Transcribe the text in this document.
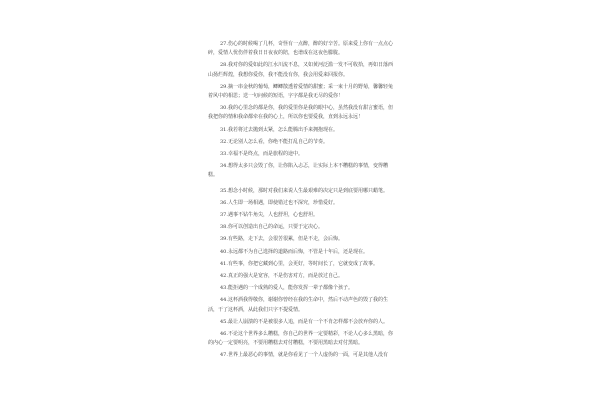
27.伤心的时候喝了几杯，奇怪有一点醉，醉的好辛苦。原来爱上你有一点点心碎，爱情人忧伤伴着我日日夜夜的陪，也谱成在这夜色朦胧。

28.我对你的爱如此的江水川流不息，又如黄河泛滥一发不可收拾，再如日落西山扬烂辉煌，我想你爱你，我不能没有你，我会用爱来回报你。

29.摘一串金秋的葡萄，鲫鲫散透着爱情的甜蜜；采一束十月的野菊，馨馨轻兔着风中的相思；送一句问候的短语，字字都是我无尽的爱你！

30.我的心里念的都是你，我的爱里你是我的眼中心，虽然我没有甜言蜜语，但我把你的情和我命都牵在我的心上，所以你也要爱我，直到永远永远！

31.我若将过去抛到太紧，怎么能腾出手来拥抱现在。

32.无论别人怎么看，你绝不能打乱自己的节奏。

33.幸福不是终点，而是旅程的途中。

34.想得太多只会毁了你，让你陷入忐忑，让实际上本不糟糕的事情，变得糟糕。

35.想念小时候，那时对我们来说人生最艰难的决定只是到底要用哪只蜡笔。

36.人生即一场相遇，即使错过也不深究，珍惜爱好。

37.遇事不钻牛角尖，人也舒坦，心也舒坦。

38.你可以创造出自己的命运，只要于定决心。

39.有些路，走下去，会很苦很累，但是不走，会后悔。

40.永远都不为自己选择的道路而后悔，不管是十年后，还是现在。

41.有些事，你把它藏到心里，会更好，等时间长了，它就变成了故事。

42.真正的强大是宽容，不是伤害对方，而是放过自己。

43.能拒遇的一个成熟的爱人，能你发挥一辈子都像个孩子。

44.这杯酒我得敬你，谢谢你曾经在我的生命中，然后不动声色的毁了我的生活，干了这杯酒，从此我们只字不提爱情。

45.最让人崩溃的不是被很多人追，而是有一个不肯怎样都不会放弃你的人。

46.不论这个世界多么糟糕，你自己的世界一定要精彩，不论人心多么黑暗，你的内心一定要明亮，不要用糟糕去对付糟糕，不要用黑暗去对付黑暗。

47.世界上最恶心的事情，就是你看见了一个人虚伪的一面，可是其他人没有
